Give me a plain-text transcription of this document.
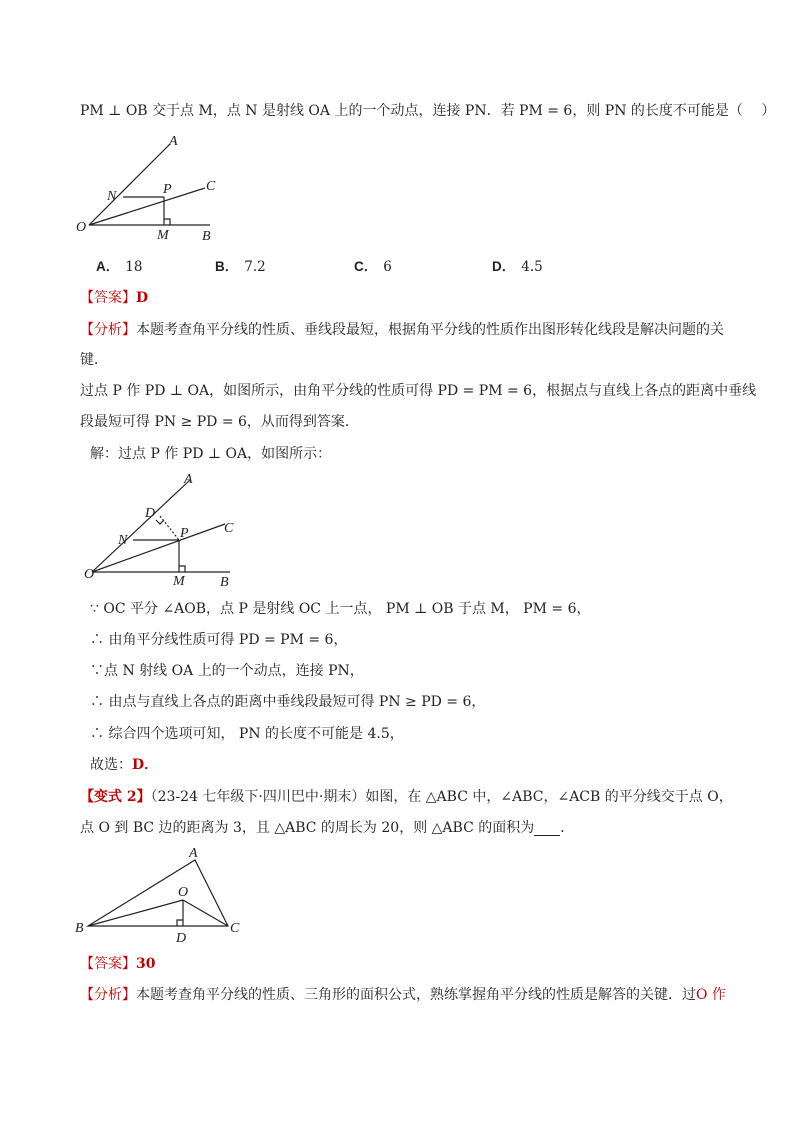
PM ⊥ OB 交于点 M，点 N 是射线 OA 上的一个动点，连接 PN．若 PM = 6，则 PN 的长度不可能是（　 ）
A
C
N	P
O
M B
A． 18	B． 7.2	C． 6	D． 4.5
【答案】D
【分析】本题考查角平分线的性质、垂线段最短，根据角平分线的性质作出图形转化线段是解决问题的关
键．
过点 P 作 PD ⊥ OA，如图所示，由角平分线的性质可得 PD = PM = 6，根据点与直线上各点的距离中垂线
段最短可得 PN ≥ PD = 6，从而得到答案．
解：过点 P 作 PD ⊥ OA，如图所示：
A
D
C
P
N
O	M	B
∵ OC 平分 ∠AOB，点 P 是射线 OC 上一点， PM ⊥ OB 于点 M， PM = 6，
∴ 由角平分线性质可得 PD = PM = 6，
∵点 N 射线 OA 上的一个动点，连接 PN，
∴ 由点与直线上各点的距离中垂线段最短可得 PN ≥ PD = 6，
∴ 综合四个选项可知， PN 的长度不可能是 4.5，
故选：D．
【变式 2】（23-24 七年级下·四川巴中·期末）如图，在 △ABC 中，∠ABC，∠ACB 的平分线交于点 O，
点 O 到 BC 边的距离为 3，且 △ABC 的周长为 20，则 △ABC 的面积为 ．
A
O
B
D
C
【答案】30
【分析】本题考查角平分线的性质、三角形的面积公式，熟练掌握角平分线的性质是解答的关键．过O 作
